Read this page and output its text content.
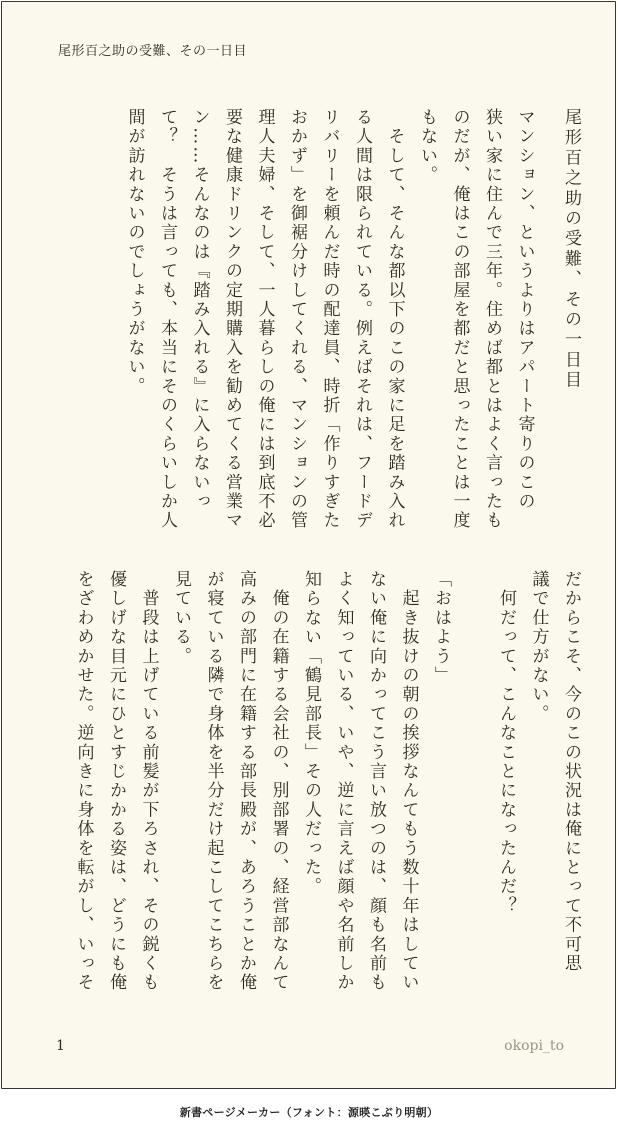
尾形百之助の受難、その一日目
尾形百之助の受難、その一日目
マンション、というよりはアパート寄りのこの
狭い家に住んで三年。住めば都とはよく言ったも
のだが、俺はこの部屋を都だと思ったことは一度
もない。
　そして、そんな都以下のこの家に足を踏み入れ
る人間は限られている。例えばそれは、フードデ
リバリーを頼んだ時の配達員、時折「作りすぎた
おかず」を御裾分けしてくれる、マンションの管
理人夫婦、そして、一人暮らしの俺には到底不必
要な健康ドリンクの定期購入を勧めてくる営業マ
ン……そんなのは『踏み入れる』に入らないっ
て？　そうは言っても、本当にそのくらいしか人
間が訪れないのでしょうがない。
だからこそ、今のこの状況は俺にとって不可思
議で仕方がない。
　何だって、こんなことになったんだ？
「おはよう」
　起き抜けの朝の挨拶なんてもう数十年はしてい
ない俺に向かってこう言い放つのは、顔も名前も
よく知っている、いや、逆に言えば顔や名前しか
知らない「鶴見部長」その人だった。
　俺の在籍する会社の、別部署の、経営部なんて
高みの部門に在籍する部長殿が、あろうことか俺
が寝ている隣で身体を半分だけ起こしてこちらを
見ている。
　普段は上げている前髪が下ろされ、その鋭くも
優しげな目元にひとすじかかる姿は、どうにも俺
をざわめかせた。逆向きに身体を転がし、いっそ
1	okopi_to
新書ページメーカー（フォント：源暎こぶり明朝）
